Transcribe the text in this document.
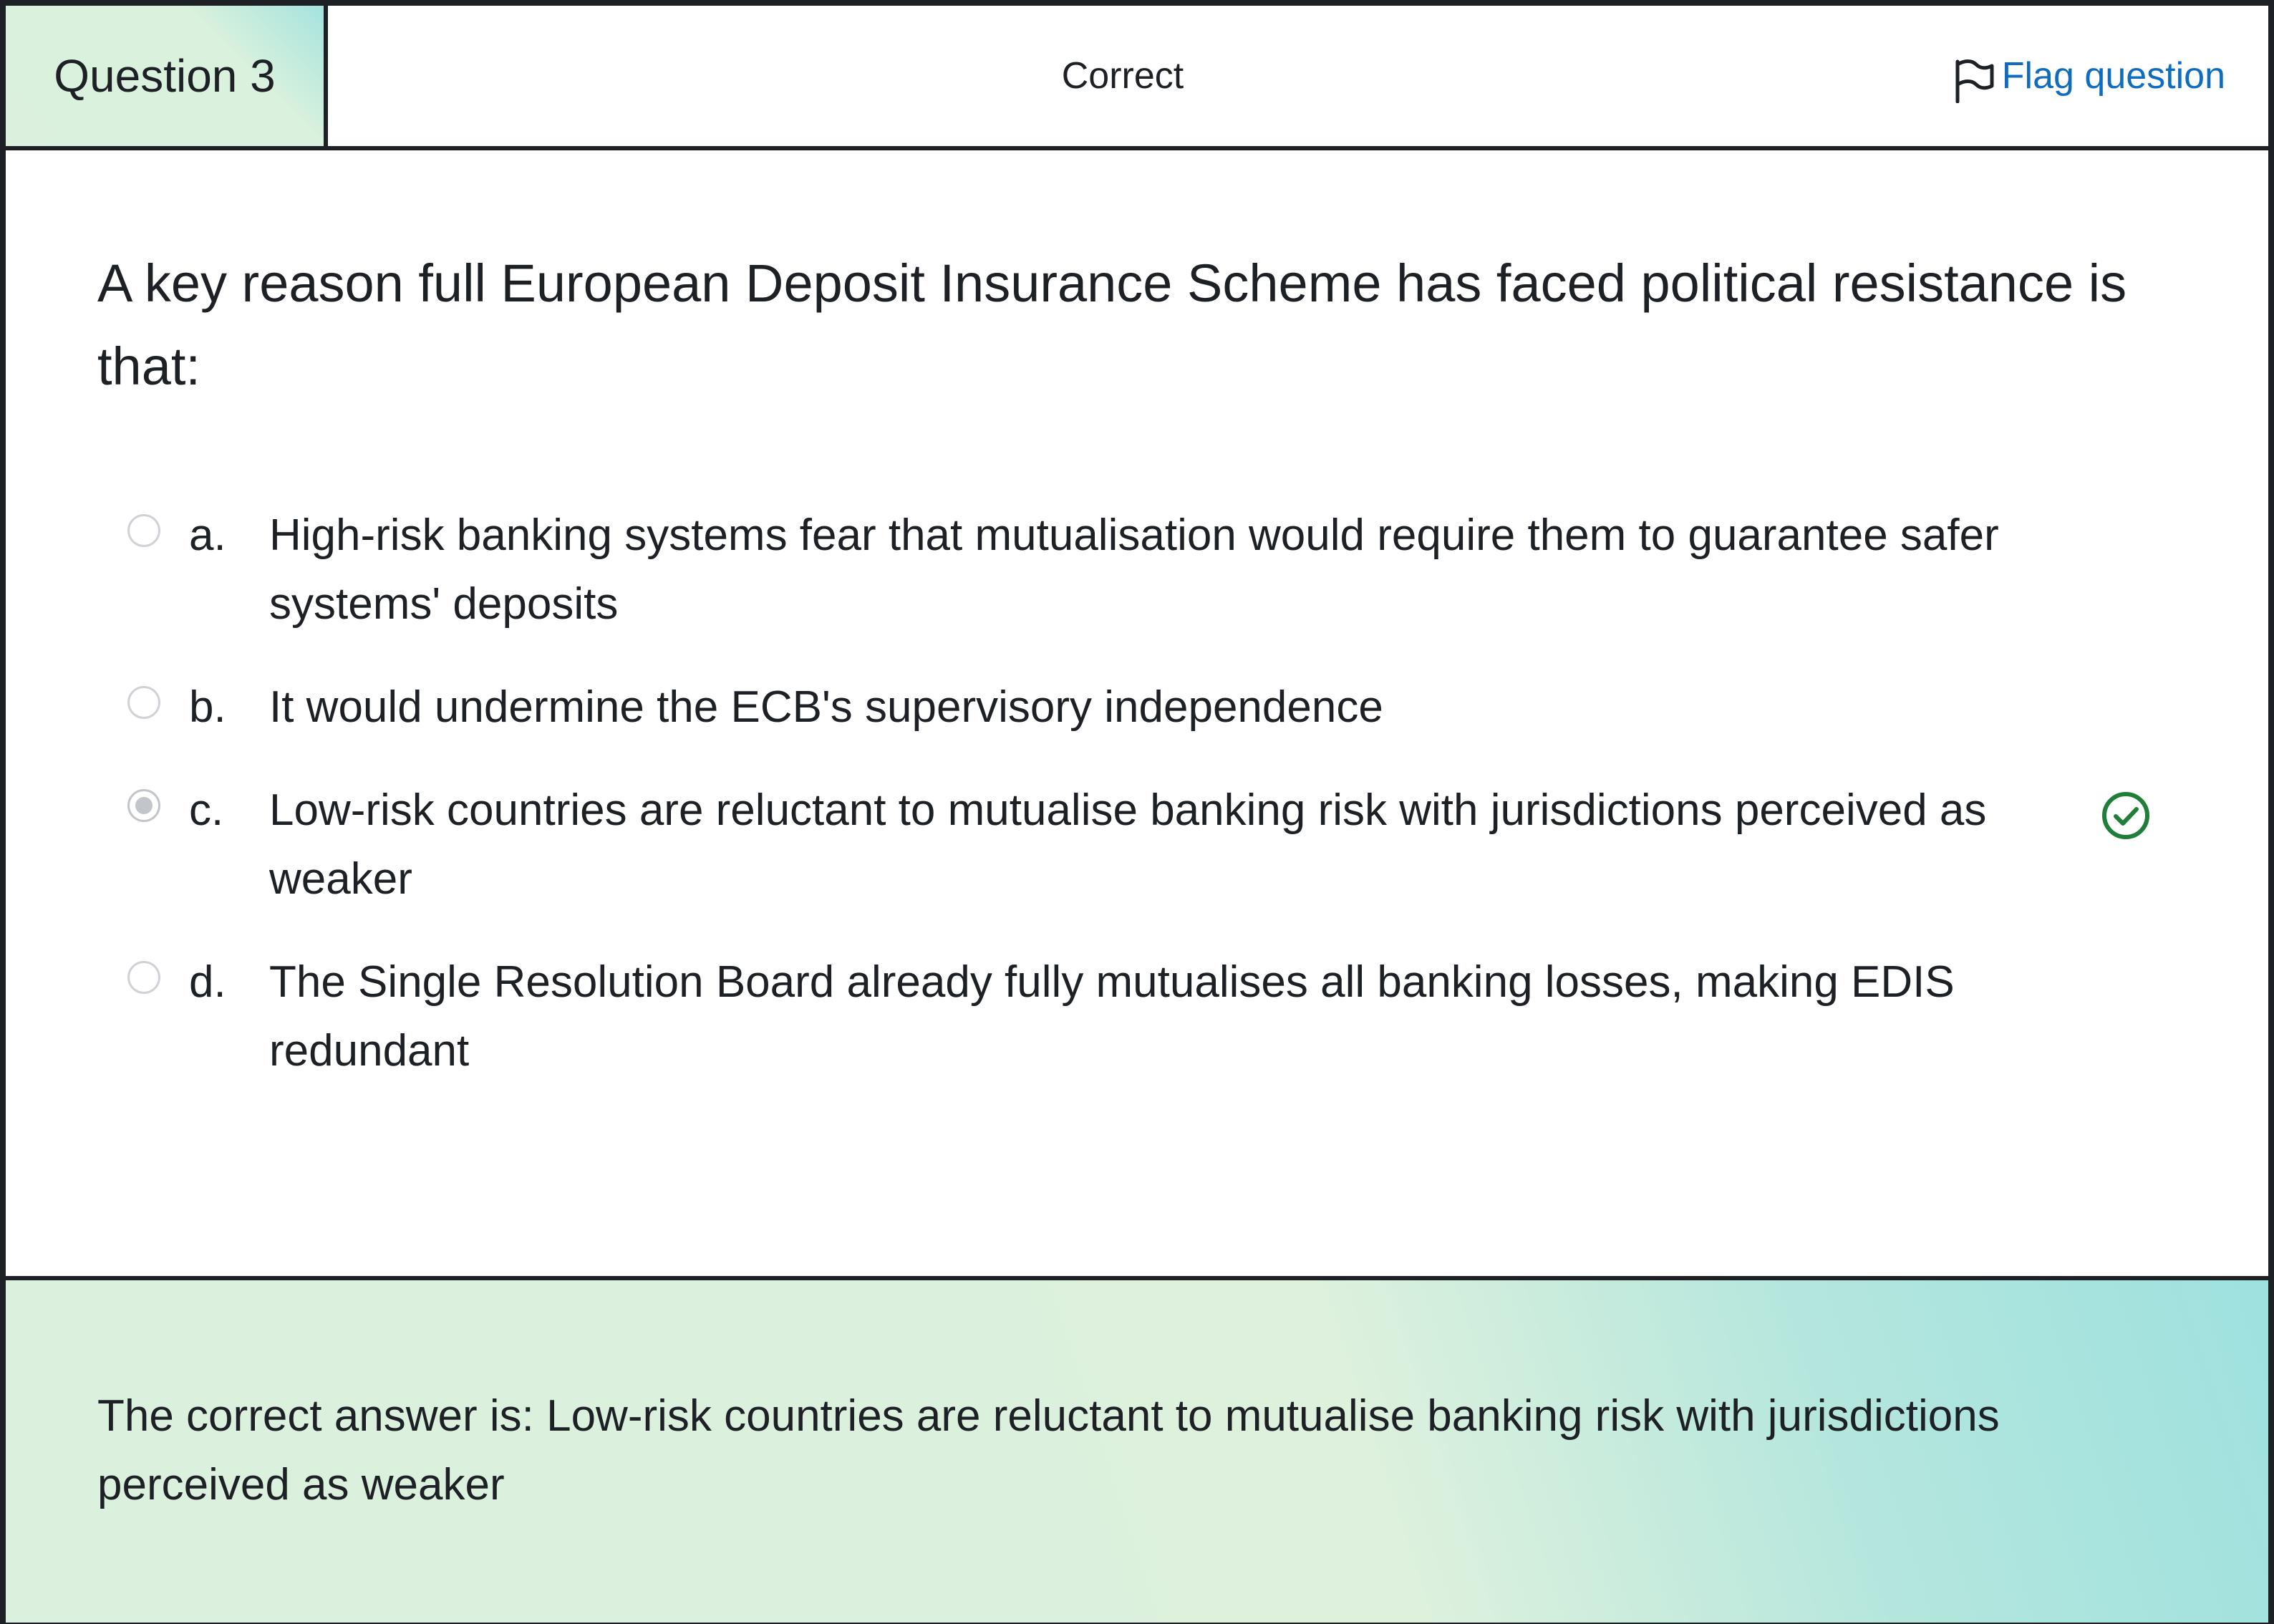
Question 3	Correct	Flag question

A key reason full European Deposit Insurance Scheme has faced political resistance is that:

a. High-risk banking systems fear that mutualisation would require them to guarantee safer systems' deposits
b. It would undermine the ECB's supervisory independence
c. Low-risk countries are reluctant to mutualise banking risk with jurisdictions perceived as weaker
d. The Single Resolution Board already fully mutualises all banking losses, making EDIS redundant

The correct answer is: Low-risk countries are reluctant to mutualise banking risk with jurisdictions perceived as weaker
